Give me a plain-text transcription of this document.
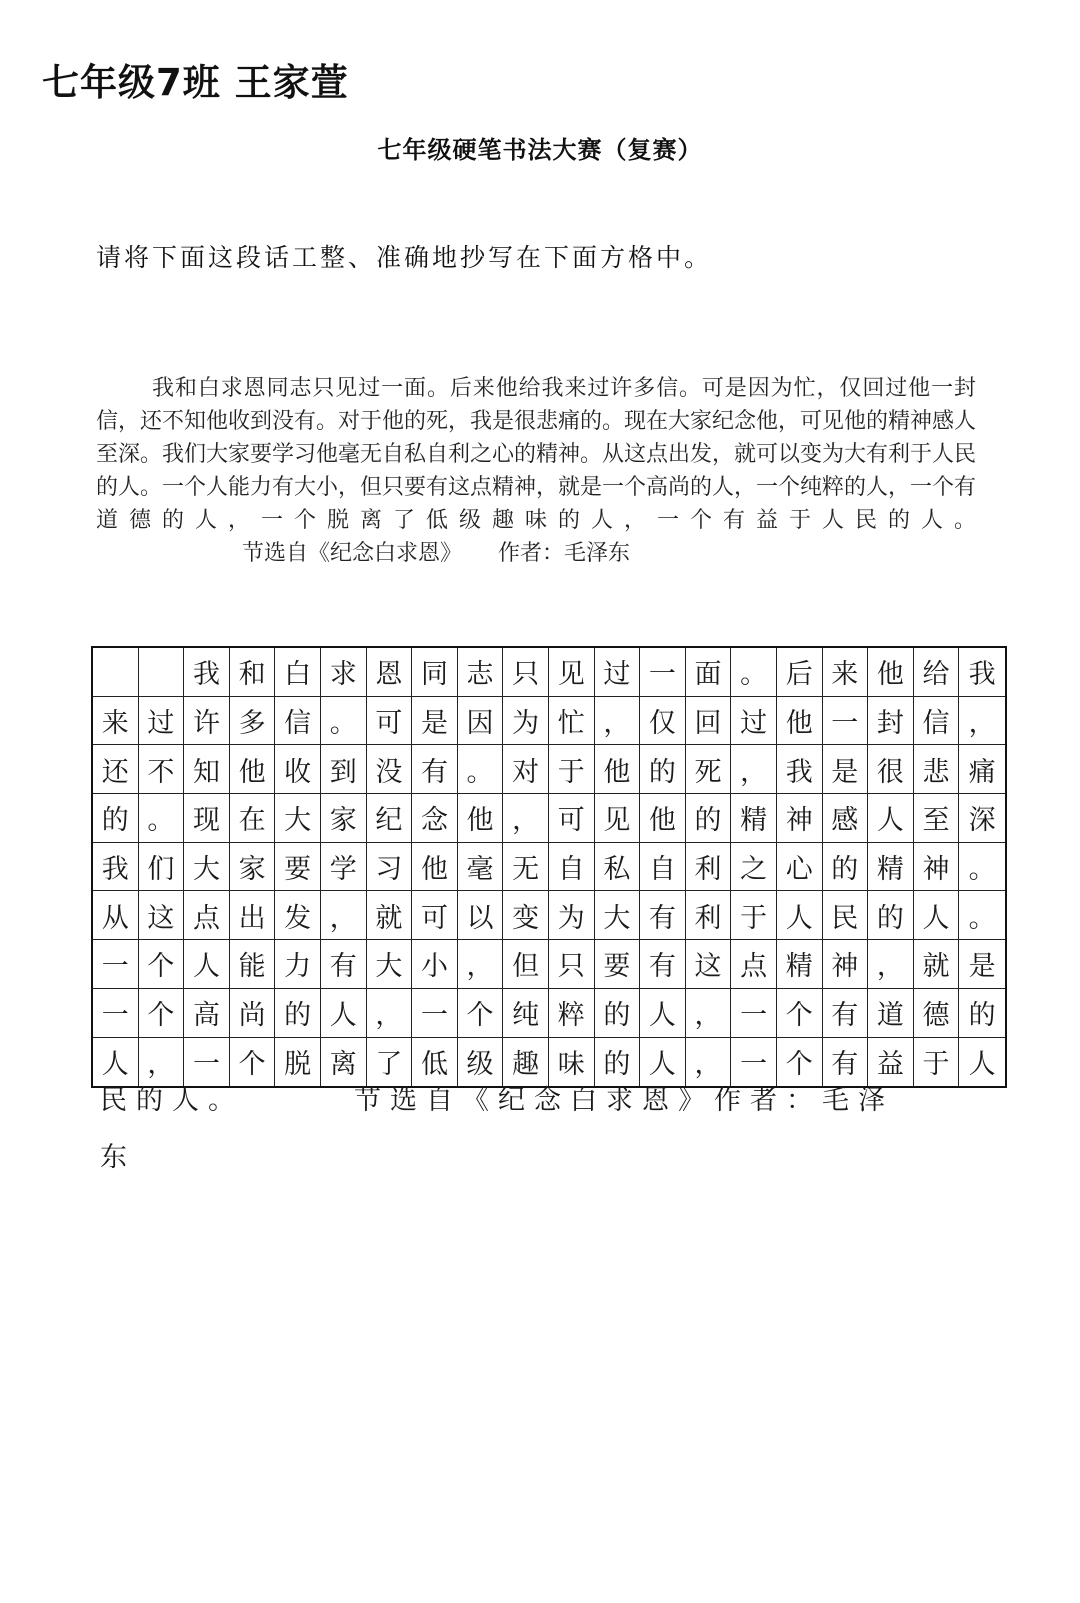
七年级7班 王家萱
七年级硬笔书法大赛（复赛）
请将下面这段话工整、准确地抄写在下面方格中。

我和白求恩同志只见过一面。后来他给我来过许多信。可是因为忙，仅回过他一封信，还不知他收到没有。对于他的死，我是很悲痛的。现在大家纪念他，可见他的精神感人至深。我们大家要学习他毫无自私自利之心的精神。从这点出发，就可以变为大有利于人民的人。一个人能力有大小，但只要有这点精神，就是一个高尚的人，一个纯粹的人，一个有道德的人，一个脱离了低级趣味的人，一个有益于人民的人。节选自《纪念白求恩》 作者：毛泽东

我 和 白 求 恩 同 志 只 见 过 一 面 。 后 来 他 给 我
来 过 许 多 信 。 可 是 因 为 忙 ， 仅 回 过 他 一 封 信 ，
还 不 知 他 收 到 没 有 。 对 于 他 的 死 ， 我 是 很 悲 痛
的 。 现 在 大 家 纪 念 他 ， 可 见 他 的 精 神 感 人 至 深
我 们 大 家 要 学 习 他 毫 无 自 私 自 利 之 心 的 精 神 。
从 这 点 出 发 ， 就 可 以 变 为 大 有 利 于 人 民 的 人 。
一 个 人 能 力 有 大 小 ， 但 只 要 有 这 点 精 神 ， 就 是
一 个 高 尚 的 人 ， 一 个 纯 粹 的 人 ， 一 个 有 道 德 的
人 ， 一 个 脱 离 了 低 级 趣 味 的 人 ， 一 个 有 益 于 人
民的人。	节选自《纪念白求恩》作者：毛泽
东
